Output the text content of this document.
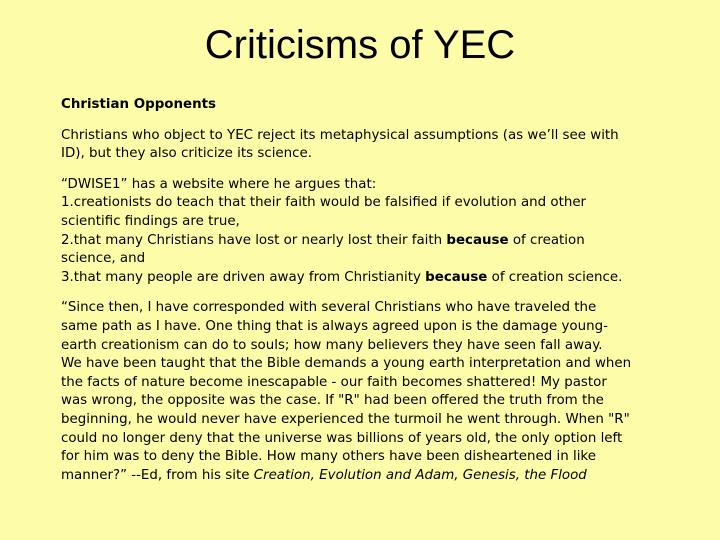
Criticisms of YEC
Christian Opponents
Christians who object to YEC reject its metaphysical assumptions (as we’ll see with
ID), but they also criticize its science.
“DWISE1” has a website where he argues that:
1.creationists do teach that their faith would be falsified if evolution and other
scientific findings are true,
2.that many Christians have lost or nearly lost their faith because of creation
science, and
3.that many people are driven away from Christianity because of creation science.
“Since then, I have corresponded with several Christians who have traveled the
same path as I have. One thing that is always agreed upon is the damage young-
earth creationism can do to souls; how many believers they have seen fall away.
We have been taught that the Bible demands a young earth interpretation and when
the facts of nature become inescapable - our faith becomes shattered! My pastor
was wrong, the opposite was the case. If "R" had been offered the truth from the
beginning, he would never have experienced the turmoil he went through. When "R"
could no longer deny that the universe was billions of years old, the only option left
for him was to deny the Bible. How many others have been disheartened in like
manner?” --Ed, from his site Creation, Evolution and Adam, Genesis, the Flood
